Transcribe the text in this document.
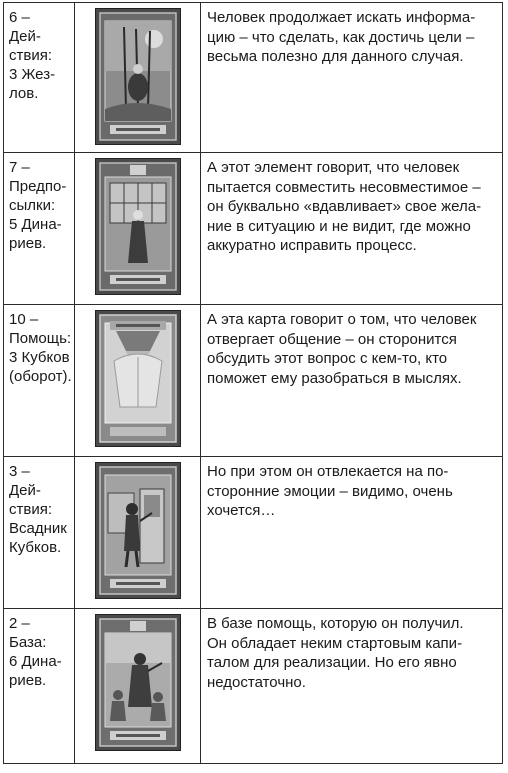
6 –
Дей-
ствия:
3 Жез-
лов.		Человек продолжает искать информа-
цию – что сделать, как достичь цели –
весьма полезно для данного случая.

7 –
Предпо-
сылки:
5 Дина-
риев.		А этот элемент говорит, что человек
пытается совместить несовместимое –
он буквально «вдавливает» свое жела-
ние в ситуацию и не видит, где можно
аккуратно исправить процесс.

10 –
Помощь:
3 Кубков
(оборот).		А эта карта говорит о том, что человек
отвергает общение – он сторонится
обсудить этот вопрос с кем-то, кто
поможет ему разобраться в мыслях.

3 –
Дей-
ствия:
Всадник
Кубков.		Но при этом он отвлекается на по-
сторонние эмоции – видимо, очень
хочется…

2 –
База:
6 Дина-
риев.		В базе помощь, которую он получил.
Он обладает неким стартовым капи-
талом для реализации. Но его явно
недостаточно.
